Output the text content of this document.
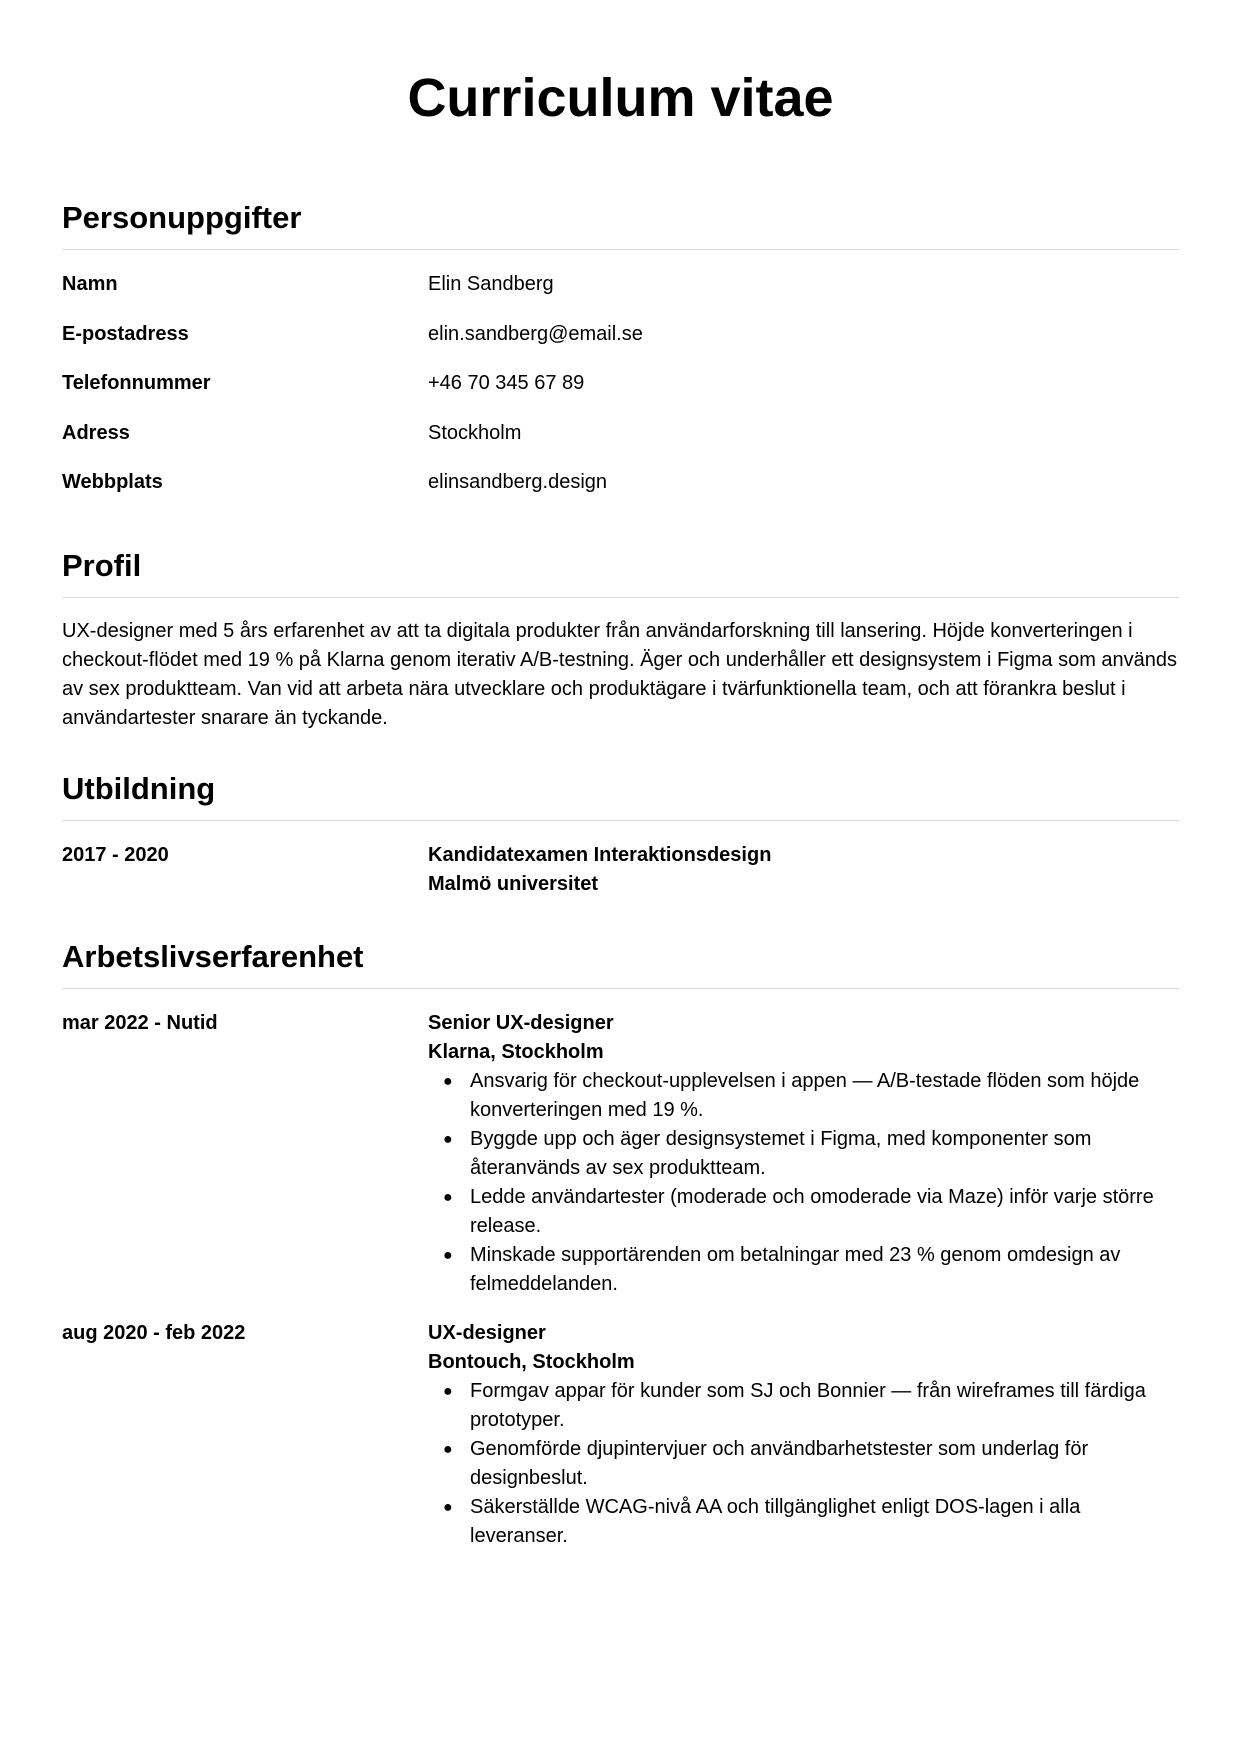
Curriculum vitae
Personuppgifter
Namn	Elin Sandberg
E-postadress	elin.sandberg@email.se
Telefonnummer	+46 70 345 67 89
Adress	Stockholm
Webbplats	elinsandberg.design
Profil

UX-designer med 5 års erfarenhet av att ta digitala produkter från användarforskning till lansering. Höjde konverteringen i checkout-flödet med 19 % på Klarna genom iterativ A/B-testning. Äger och underhåller ett designsystem i Figma som används av sex produktteam. Van vid att arbeta nära utvecklare och produktägare i tvärfunktionella team, och att förankra beslut i användartester snarare än tyckande.

Utbildning
2017 - 2020	Kandidatexamen Interaktionsdesign
Malmö universitet
Arbetslivserfarenhet
mar 2022 - Nutid	Senior UX-designer
Klarna, Stockholm
● Ansvarig för checkout-upplevelsen i appen — A/B-testade flöden som höjde konverteringen med 19 %.
● Byggde upp och äger designsystemet i Figma, med komponenter som återanvänds av sex produktteam.
● Ledde användartester (moderade och omoderade via Maze) inför varje större release.
● Minskade supportärenden om betalningar med 23 % genom omdesign av felmeddelanden.
aug 2020 - feb 2022	UX-designer
Bontouch, Stockholm
● Formgav appar för kunder som SJ och Bonnier — från wireframes till färdiga prototyper.
● Genomförde djupintervjuer och användbarhetstester som underlag för designbeslut.
● Säkerställde WCAG-nivå AA och tillgänglighet enligt DOS-lagen i alla leveranser.
